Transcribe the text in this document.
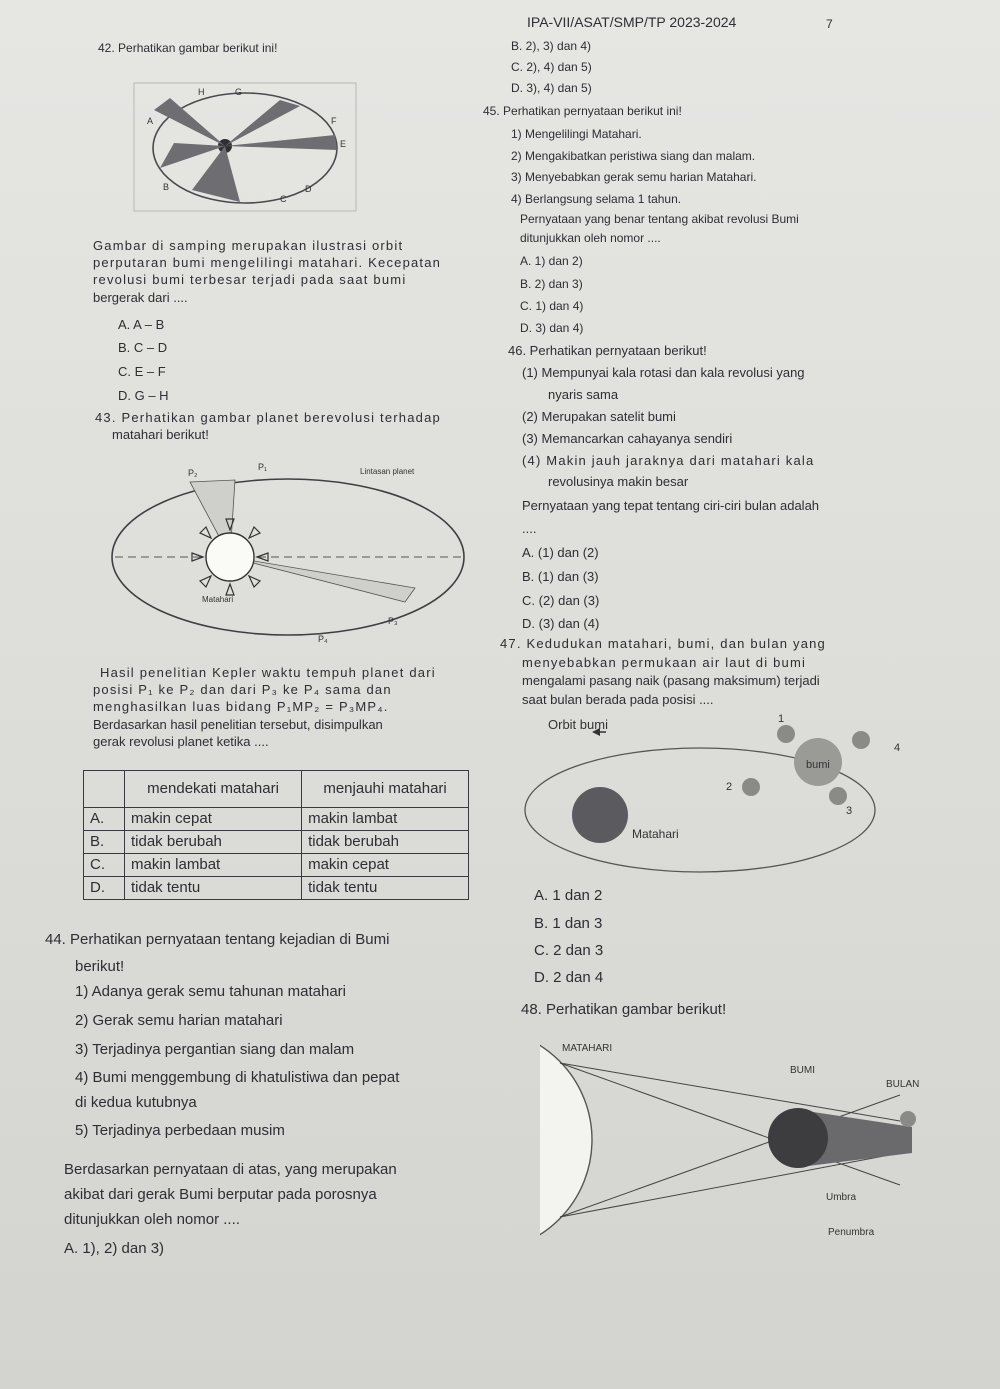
IPA-VII/ASAT/SMP/TP 2023-2024	7
42. Perhatikan gambar berikut ini!
A
B
C
D
E
F
G
H
Gambar di samping merupakan ilustrasi orbit
perputaran bumi mengelilingi matahari. Kecepatan
revolusi bumi terbesar terjadi pada saat bumi
bergerak dari ....
A. A – B
B. C – D
C. E – F
D. G – H
43. Perhatikan gambar planet berevolusi terhadap
matahari berikut!
P₁
P₂
P₃
P₄
Lintasan planet
Matahari
Hasil penelitian Kepler waktu tempuh planet dari
posisi P₁ ke P₂ dan dari P₃ ke P₄ sama dan
menghasilkan luas bidang P₁MP₂ = P₃MP₄.
Berdasarkan hasil penelitian tersebut, disimpulkan
gerak revolusi planet ketika ....
	mendekati matahari	menjauhi matahari
A.	makin cepat	makin lambat
B.	tidak berubah	tidak berubah
C.	makin lambat	makin cepat
D.	tidak tentu	tidak tentu
44. Perhatikan pernyataan tentang kejadian di Bumi
berikut!
1) Adanya gerak semu tahunan matahari
2) Gerak semu harian matahari
3) Terjadinya pergantian siang dan malam
4) Bumi menggembung di khatulistiwa dan pepat
di kedua kutubnya
5) Terjadinya perbedaan musim
Berdasarkan pernyataan di atas, yang merupakan
akibat dari gerak Bumi berputar pada porosnya
ditunjukkan oleh nomor ....
A. 1), 2) dan 3)
B. 2), 3) dan 4)
C. 2), 4) dan 5)
D. 3), 4) dan 5)
45. Perhatikan pernyataan berikut ini!
1) Mengelilingi Matahari.
2) Mengakibatkan peristiwa siang dan malam.
3) Menyebabkan gerak semu harian Matahari.
4) Berlangsung selama 1 tahun.
Pernyataan yang benar tentang akibat revolusi Bumi
ditunjukkan oleh nomor ....
A. 1) dan 2)
B. 2) dan 3)
C. 1) dan 4)
D. 3) dan 4)
46. Perhatikan pernyataan berikut!
(1) Mempunyai kala rotasi dan kala revolusi yang
nyaris sama
(2) Merupakan satelit bumi
(3) Memancarkan cahayanya sendiri
(4) Makin jauh jaraknya dari matahari kala
revolusinya makin besar
Pernyataan yang tepat tentang ciri-ciri bulan adalah
....
A. (1) dan (2)
B. (1) dan (3)
C. (2) dan (3)
D. (3) dan (4)
47. Kedudukan matahari, bumi, dan bulan yang
menyebabkan permukaan air laut di bumi
mengalami pasang naik (pasang maksimum) terjadi
saat bulan berada pada posisi ....
Orbit bumi
bumi
Matahari
1
2
3
4
A. 1 dan 2
B. 1 dan 3
C. 2 dan 3
D. 2 dan 4
48. Perhatikan gambar berikut!
MATAHARI
BUMI
BULAN
Umbra
Penumbra
